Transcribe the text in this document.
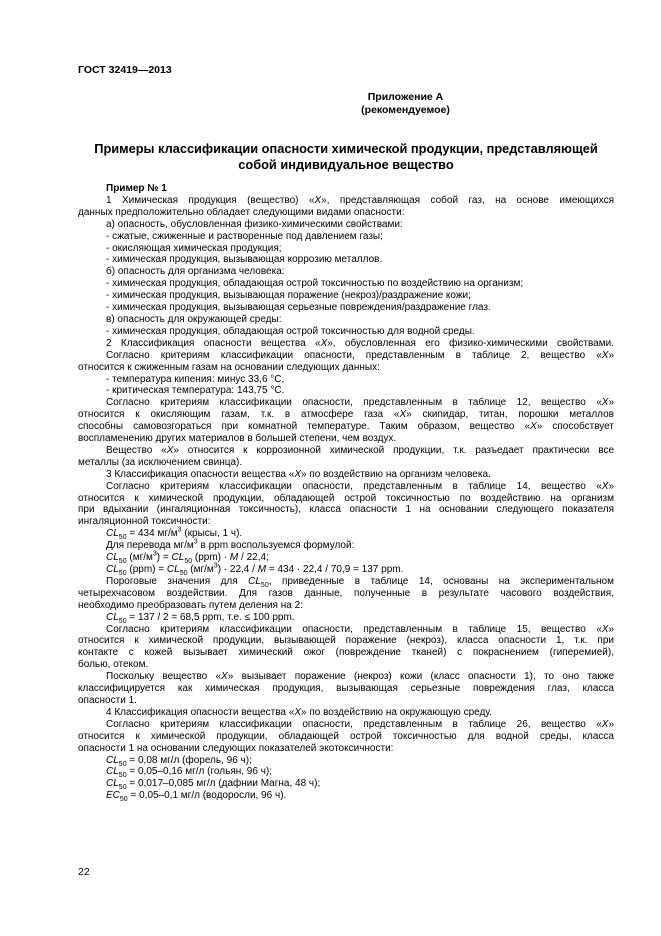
ГОСТ 32419—2013
Приложение А
(рекомендуемое)
Примеры классификации опасности химической продукции, представляющей
собой индивидуальное вещество

Пример № 1

1 Химическая продукция (вещество) «Х», представляющая собой газ, на основе имеющихся

данных предположительно обладает следующими видами опасности:

а) опасность, обусловленная физико-химическими свойствами:

- сжатые, сжиженные и растворенные под давлением газы;

- окисляющая химическая продукция;

- химическая продукция, вызывающая коррозию металлов.

б) опасность для организма человека:

- химическая продукция, обладающая острой токсичностью по воздействию на организм;

- химическая продукция, вызывающая поражение (некроз)/раздражение кожи;

- химическая продукция, вызывающая серьезные повреждения/раздражение глаз.

в) опасность для окружающей среды:

- химическая продукция, обладающая острой токсичностью для водной среды.

2 Классификация опасности вещества «Х», обусловленная его физико-химическими свойствами.

Согласно критериям классификации опасности, представленным в таблице 2, вещество «Х»

относится к сжиженным газам на основании следующих данных:

- температура кипения: минус 33,6 °С,

- критическая температура: 143,75 °С.

Согласно критериям классификации опасности, представленным в таблице 12, вещество «Х»

относится к окисляющим газам, т.к. в атмосфере газа «Х» скипидар, титан, порошки металлов

способны самовозгораться при комнатной температуре. Таким образом, вещество «Х» способствует

воспламенению других материалов в большей степени, чем воздух.

Вещество «Х» относится к коррозионной химической продукции, т.к. разъедает практически все

металлы (за исключением свинца).

3 Классификация опасности вещества «Х» по воздействию на организм человека.

Согласно критериям классификации опасности, представленным в таблице 14, вещество «Х»

относится к химической продукции, обладающей острой токсичностью по воздействию на организм

при вдыхании (ингаляционная токсичность), класса опасности 1 на основании следующего показателя

ингаляционной токсичности:

$CL_{50} = 434$ $мг/м^3$ (крысы, 1 ч).

Для перевода $мг/м^3$ в ppm воспользуемся формулой:

$CL_{50}$ $(мг/м^3) = CL_{50}$ (ppm) · M / 22,4;

$CL_{50}$ $(ppm) = CL_{50}$ $(мг/м^3) \cdot 22,4 / M = 434 \cdot 22,4 / 70,9 = 137$ ppm.

Пороговые значения для $CL_{50}$, приведенные в таблице 14, основаны на экспериментальном

четырехчасовом воздействии. Для газов данные, полученные в результате часового воздействия,

необходимо преобразовать путем деления на 2:

$CL_{50} = 137 / 2 = 68,5$ ppm, т.е. ≤ 100 ppm.

Согласно критериям классификации опасности, представленным в таблице 15, вещество «Х»

относится к химической продукции, вызывающей поражение (некроз), класса опасности 1, т.к. при

контакте с кожей вызывает химический ожог (повреждение тканей) с покраснением (гиперемией),

болью, отеком.

Поскольку вещество «Х» вызывает поражение (некроз) кожи (класс опасности 1), то оно также

классифицируется как химическая продукция, вызывающая серьезные повреждения глаз, класса

опасности 1.

4 Классификация опасности вещества «Х» по воздействию на окружающую среду.

Согласно критериям классификации опасности, представленным в таблице 26, вещество «Х»

относится к химической продукции, обладающей острой токсичностью для водной среды, класса

опасности 1 на основании следующих показателей экотоксичности:

$CL_{50} = 0,08$ мг/л (форель, 96 ч);

$CL_{50} = 0,05-0,16$ мг/л (гольян, 96 ч);

$CL_{50} = 0,017-0,085$ мг/л (дафнии Магна, 48 ч);

$EC_{50} = 0,05-0,1$ мг/л (водоросли, 96 ч).

22
